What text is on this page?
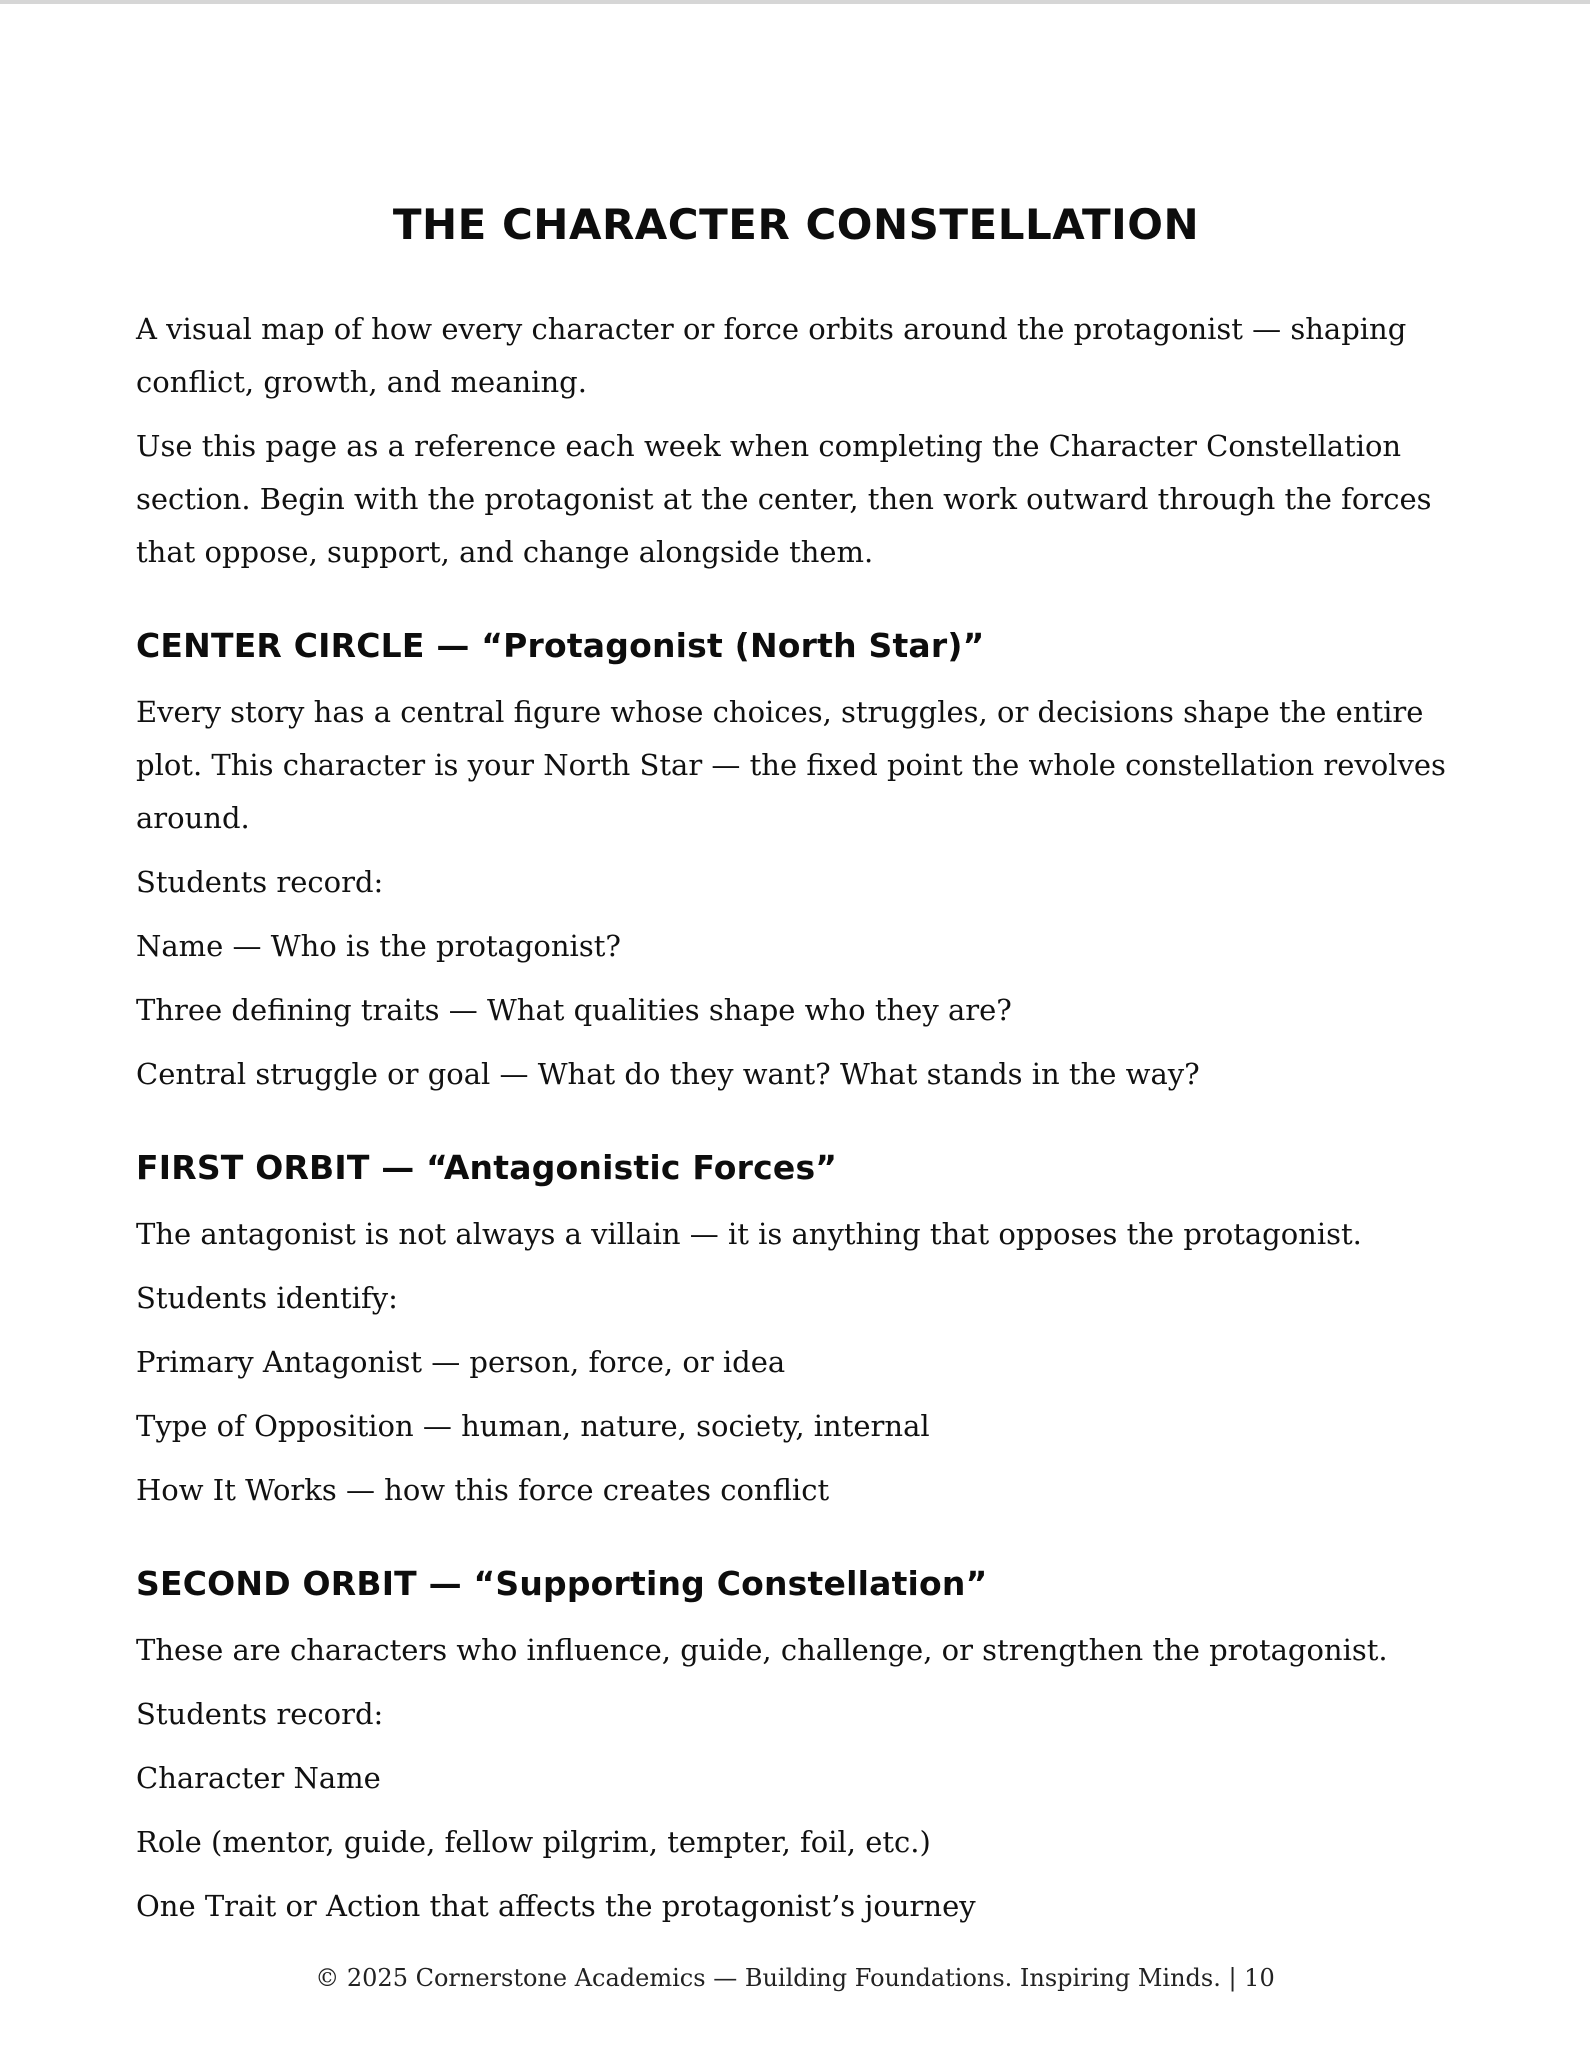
THE CHARACTER CONSTELLATION

A visual map of how every character or force orbits around the protagonist — shaping conflict, growth, and meaning.

Use this page as a reference each week when completing the Character Constellation section. Begin with the protagonist at the center, then work outward through the forces that oppose, support, and change alongside them.

CENTER CIRCLE — “Protagonist (North Star)”

Every story has a central figure whose choices, struggles, or decisions shape the entire plot. This character is your North Star — the fixed point the whole constellation revolves around.

Students record:

Name — Who is the protagonist?

Three defining traits — What qualities shape who they are?

Central struggle or goal — What do they want? What stands in the way?

FIRST ORBIT — “Antagonistic Forces”

The antagonist is not always a villain — it is anything that opposes the protagonist.

Students identify:

Primary Antagonist — person, force, or idea

Type of Opposition — human, nature, society, internal

How It Works — how this force creates conflict

SECOND ORBIT — “Supporting Constellation”

These are characters who influence, guide, challenge, or strengthen the protagonist.

Students record:

Character Name

Role (mentor, guide, fellow pilgrim, tempter, foil, etc.)

One Trait or Action that affects the protagonist’s journey

© 2025 Cornerstone Academics — Building Foundations. Inspiring Minds. | 10
